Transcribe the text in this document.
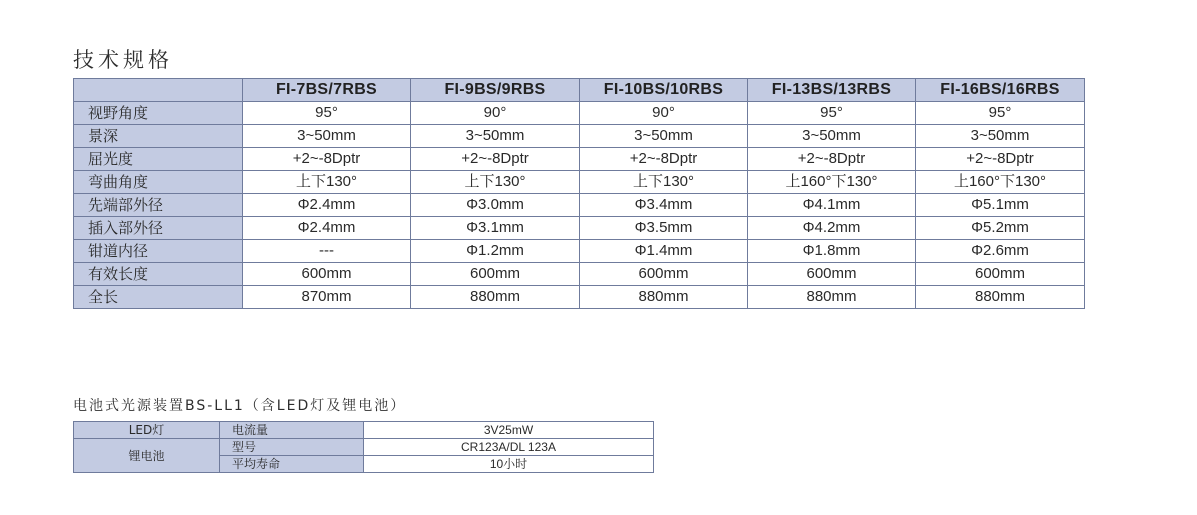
技术规格
	FI-7BS/7RBS	FI-9BS/9RBS	FI-10BS/10RBS	FI-13BS/13RBS	FI-16BS/16RBS
视野角度	95°	90°	90°	95°	95°
景深	3~50mm	3~50mm	3~50mm	3~50mm	3~50mm
屈光度	+2~-8Dptr	+2~-8Dptr	+2~-8Dptr	+2~-8Dptr	+2~-8Dptr
弯曲角度	上下130°	上下130°	上下130°	上160°下130°	上160°下130°
先端部外径	Φ2.4mm	Φ3.0mm	Φ3.4mm	Φ4.1mm	Φ5.1mm
插入部外径	Φ2.4mm	Φ3.1mm	Φ3.5mm	Φ4.2mm	Φ5.2mm
钳道内径	---	Φ1.2mm	Φ1.4mm	Φ1.8mm	Φ2.6mm
有效长度	600mm	600mm	600mm	600mm	600mm
全长	870mm	880mm	880mm	880mm	880mm
电池式光源装置BS-LL1（含LED灯及锂电池）
LED灯	电流量	3V25mW
锂电池	型号	CR123A/DL 123A
	平均寿命	10小时
